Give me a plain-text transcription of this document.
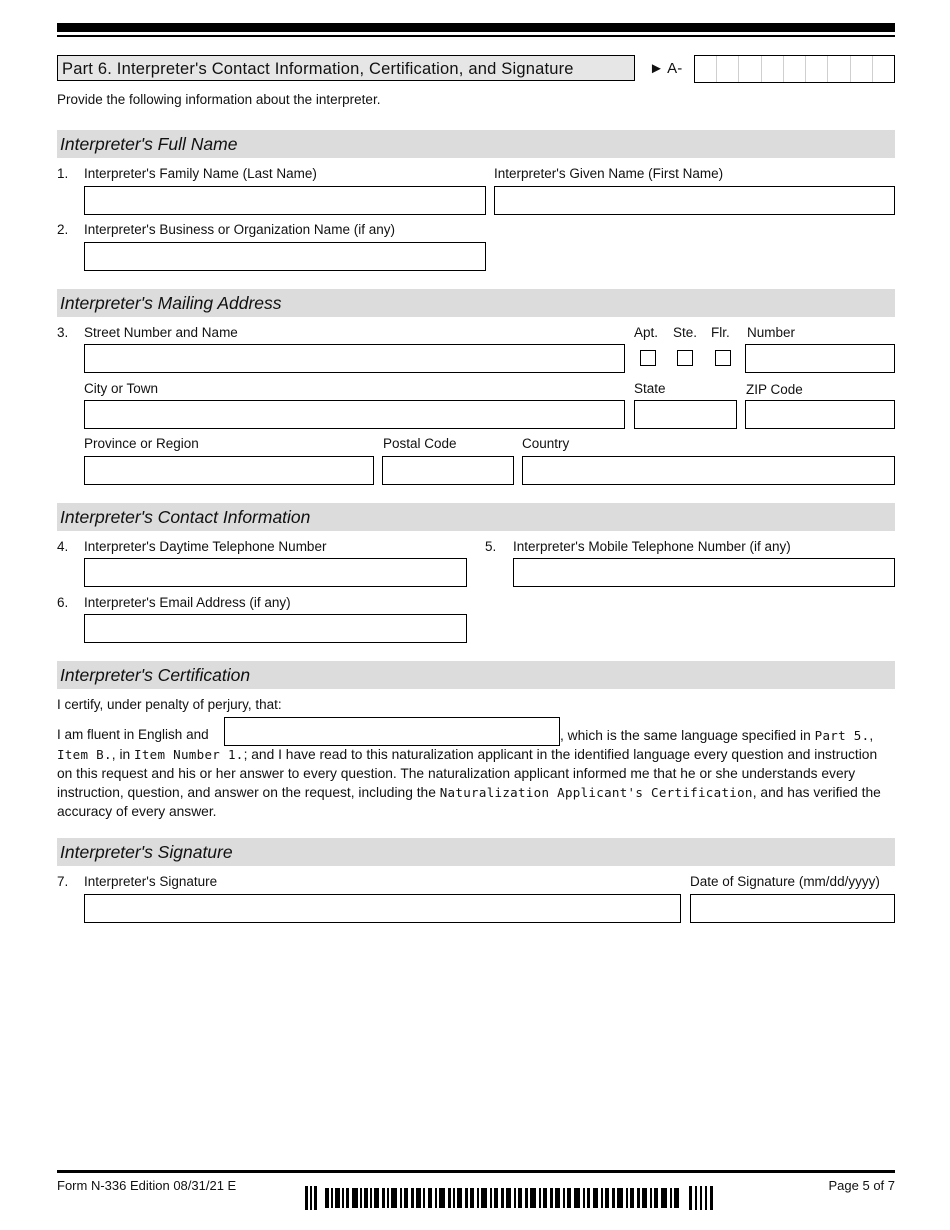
Part 6. Interpreter's Contact Information, Certification, and Signature	► A-
Provide the following information about the interpreter.
Interpreter's Full Name
1. Interpreter's Family Name (Last Name)	Interpreter's Given Name (First Name)
2. Interpreter's Business or Organization Name (if any)
Interpreter's Mailing Address
3. Street Number and Name	Apt. Ste. Flr. Number
City or Town	State	ZIP Code
Province or Region	Postal Code	Country
Interpreter's Contact Information
4. Interpreter's Daytime Telephone Number	5. Interpreter's Mobile Telephone Number (if any)
6. Interpreter's Email Address (if any)
Interpreter's Certification
I certify, under penalty of perjury, that:
I am fluent in English and	, which is the same language specified in Part 5., Item B., in Item Number 1.; and I have read to this naturalization applicant in the identified language every question and instruction on this request and his or her answer to every question. The naturalization applicant informed me that he or she understands every instruction, question, and answer on the request, including the Naturalization Applicant's Certification, and has verified the accuracy of every answer.
Interpreter's Signature
7. Interpreter's Signature	Date of Signature (mm/dd/yyyy)
Form N-336 Edition 08/31/21 E	Page 5 of 7
